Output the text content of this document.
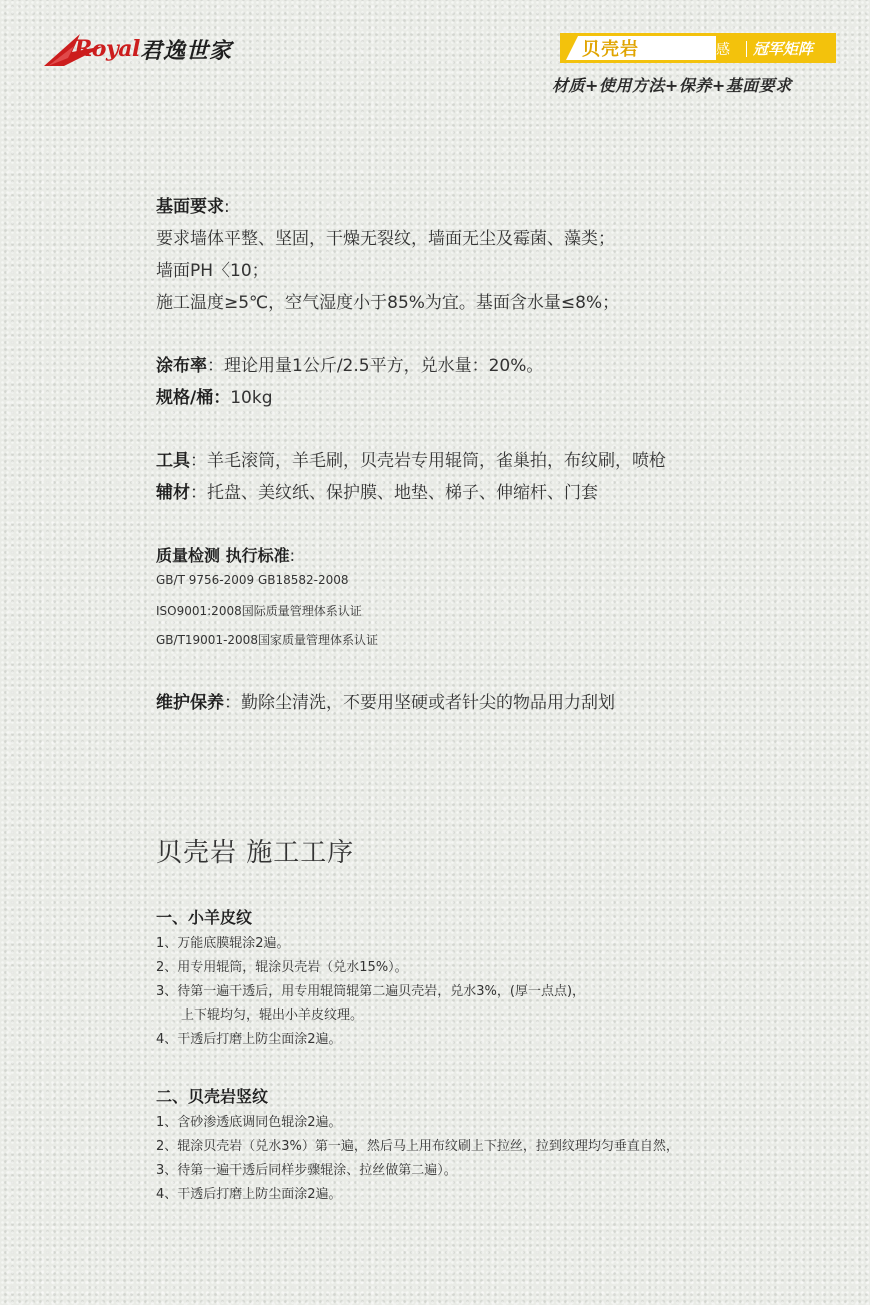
Royal 君逸世家	贝壳岩	高端质感 冠军矩阵
材质+使用方法+保养+基面要求
基面要求:
要求墙体平整、坚固，干燥无裂纹，墙面无尘及霉菌、藻类；
墙面PH〈10；
施工温度≥5℃，空气湿度小于85%为宜。基面含水量≤8%；
涂布率：理论用量1公斤/2.5平方，兑水量：20%。
规格/桶：10kg
工具：羊毛滚筒，羊毛刷，贝壳岩专用辊筒，雀巢拍，布纹刷，喷枪
辅材：托盘、美纹纸、保护膜、地垫、梯子、伸缩杆、门套
质量检测 执行标准:
GB/T 9756-2009 GB18582-2008
ISO9001:2008国际质量管理体系认证
GB/T19001-2008国家质量管理体系认证
维护保养：勤除尘清洗，不要用坚硬或者针尖的物品用力刮划
贝壳岩 施工工序
一、小羊皮纹
1、万能底膜辊涂2遍。
2、用专用辊筒，辊涂贝壳岩（兑水15%）。
3、待第一遍干透后，用专用辊筒辊第二遍贝壳岩，兑水3%，(厚一点点)，
上下辊均匀，辊出小羊皮纹理。
4、干透后打磨上防尘面涂2遍。
二、贝壳岩竖纹
1、含砂渗透底调同色辊涂2遍。
2、辊涂贝壳岩（兑水3%）第一遍，然后马上用布纹刷上下拉丝，拉到纹理均匀垂直自然，
3、待第一遍干透后同样步骤辊涂、拉丝做第二遍）。
4、干透后打磨上防尘面涂2遍。
